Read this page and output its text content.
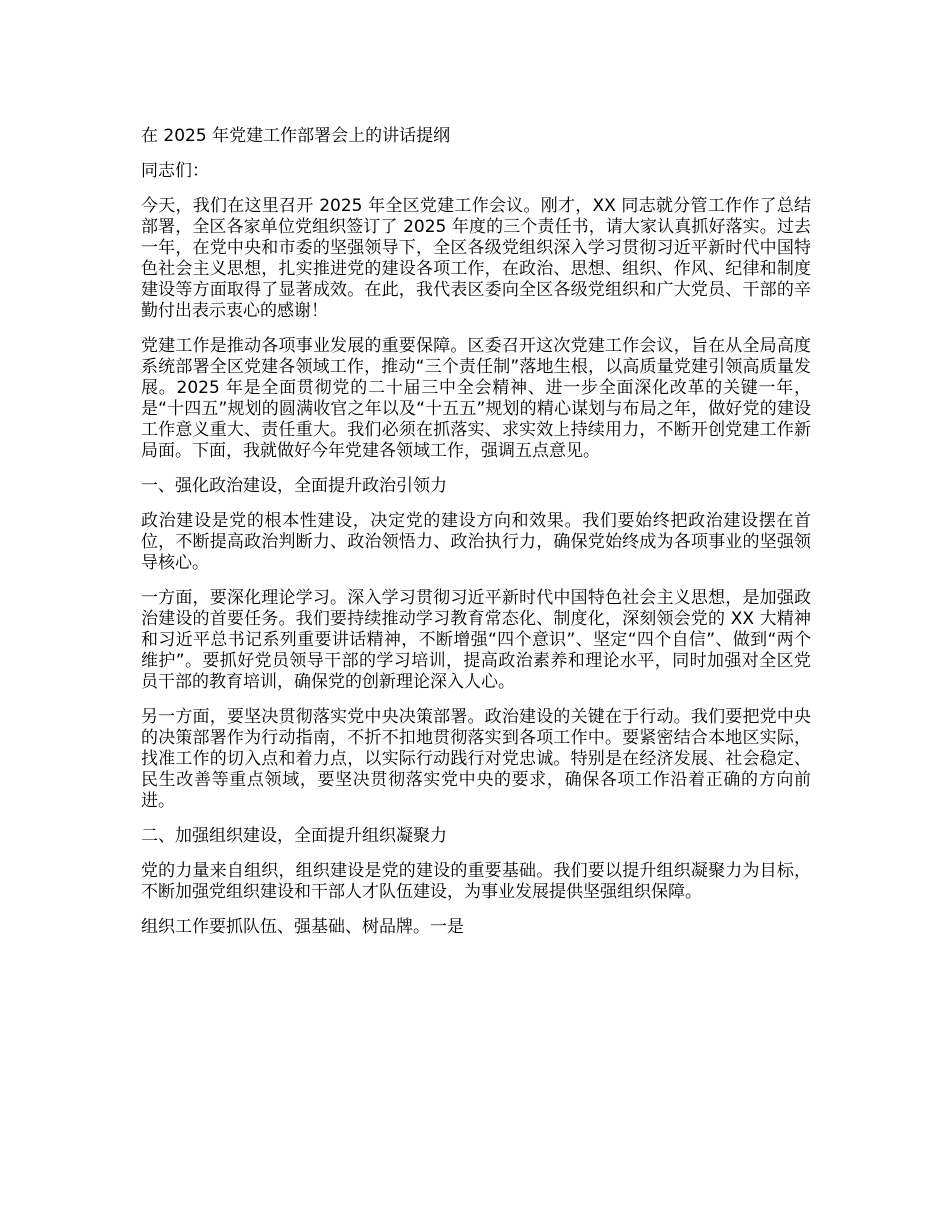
在 2025 年党建工作部署会上的讲话提纲
同志们：
今天，我们在这里召开 2025 年全区党建工作会议。刚才，XX 同志就分管工作作了总结部署，全区各家单位党组织签订了 2025 年度的三个责任书，请大家认真抓好落实。过去一年，在党中央和市委的坚强领导下，全区各级党组织深入学习贯彻习近平新时代中国特色社会主义思想，扎实推进党的建设各项工作，在政治、思想、组织、作风、纪律和制度建设等方面取得了显著成效。在此，我代表区委向全区各级党组织和广大党员、干部的辛勤付出表示衷心的感谢！
党建工作是推动各项事业发展的重要保障。区委召开这次党建工作会议，旨在从全局高度系统部署全区党建各领域工作，推动“三个责任制”落地生根，以高质量党建引领高质量发展。2025 年是全面贯彻党的二十届三中全会精神、进一步全面深化改革的关键一年，是“十四五”规划的圆满收官之年以及“十五五”规划的精心谋划与布局之年，做好党的建设工作意义重大、责任重大。我们必须在抓落实、求实效上持续用力，不断开创党建工作新局面。下面，我就做好今年党建各领域工作，强调五点意见。
一、强化政治建设，全面提升政治引领力
政治建设是党的根本性建设，决定党的建设方向和效果。我们要始终把政治建设摆在首位，不断提高政治判断力、政治领悟力、政治执行力，确保党始终成为各项事业的坚强领导核心。
一方面，要深化理论学习。深入学习贯彻习近平新时代中国特色社会主义思想，是加强政治建设的首要任务。我们要持续推动学习教育常态化、制度化，深刻领会党的 XX 大精神和习近平总书记系列重要讲话精神，不断增强“四个意识”、坚定“四个自信”、做到“两个维护”。要抓好党员领导干部的学习培训，提高政治素养和理论水平，同时加强对全区党员干部的教育培训，确保党的创新理论深入人心。
另一方面，要坚决贯彻落实党中央决策部署。政治建设的关键在于行动。我们要把党中央的决策部署作为行动指南，不折不扣地贯彻落实到各项工作中。要紧密结合本地区实际，找准工作的切入点和着力点，以实际行动践行对党忠诚。特别是在经济发展、社会稳定、民生改善等重点领域，要坚决贯彻落实党中央的要求，确保各项工作沿着正确的方向前进。
二、加强组织建设，全面提升组织凝聚力
党的力量来自组织，组织建设是党的建设的重要基础。我们要以提升组织凝聚力为目标，不断加强党组织建设和干部人才队伍建设，为事业发展提供坚强组织保障。
组织工作要抓队伍、强基础、树品牌。一是
